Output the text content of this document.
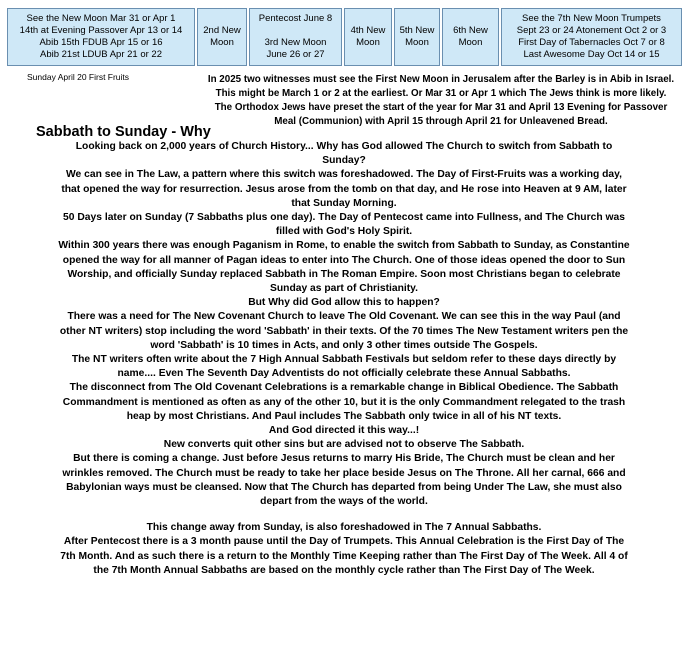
See the New Moon Mar 31 or Apr 1
14th at Evening Passover Apr 13 or 14
Abib 15th FDUB Apr 15 or 16
Abib 21st LDUB Apr 21 or 22
2nd New
Moon
Pentecost June 8
3rd New Moon
June 26 or 27
4th New
Moon
5th New
Moon
6th New
Moon
See the 7th New Moon Trumpets
Sept 23 or 24 Atonement Oct 2 or 3
First Day of Tabernacles Oct 7 or 8
Last Awesome Day Oct 14 or 15
Sunday April 20 First Fruits	In 2025 two witnesses must see the First New Moon in Jerusalem after the Barley is in Abib in Israel.
This might be March 1 or 2 at the earliest. Or Mar 31 or Apr 1 which The Jews think is more likely.
The Orthodox Jews have preset the start of the year for Mar 31 and April 13 Evening for Passover
Meal (Communion) with April 15 through April 21 for Unleavened Bread.
Sabbath to Sunday - Why
Looking back on 2,000 years of Church History... Why has God allowed The Church to switch from Sabbath to
Sunday?
We can see in The Law, a pattern where this switch was foreshadowed. The Day of First-Fruits was a working day,
that opened the way for resurrection. Jesus arose from the tomb on that day, and He rose into Heaven at 9 AM, later
that Sunday Morning.
50 Days later on Sunday (7 Sabbaths plus one day). The Day of Pentecost came into Fullness, and The Church was
filled with God's Holy Spirit.
Within 300 years there was enough Paganism in Rome, to enable the switch from Sabbath to Sunday, as Constantine
opened the way for all manner of Pagan ideas to enter into The Church. One of those ideas opened the door to Sun
Worship, and officially Sunday replaced Sabbath in The Roman Empire. Soon most Christians began to celebrate
Sunday as part of Christianity.
But Why did God allow this to happen?
There was a need for The New Covenant Church to leave The Old Covenant. We can see this in the way Paul (and
other NT writers) stop including the word 'Sabbath' in their texts. Of the 70 times The New Testament writers pen the
word 'Sabbath' is 10 times in Acts, and only 3 other times outside The Gospels.
The NT writers often write about the 7 High Annual Sabbath Festivals but seldom refer to these days directly by
name.... Even The Seventh Day Adventists do not officially celebrate these Annual Sabbaths.
The disconnect from The Old Covenant Celebrations is a remarkable change in Biblical Obedience. The Sabbath
Commandment is mentioned as often as any of the other 10, but it is the only Commandment relegated to the trash
heap by most Christians. And Paul includes The Sabbath only twice in all of his NT texts.
And God directed it this way...!
New converts quit other sins but are advised not to observe The Sabbath.
But there is coming a change. Just before Jesus returns to marry His Bride, The Church must be clean and her
wrinkles removed. The Church must be ready to take her place beside Jesus on The Throne. All her carnal, 666 and
Babylonian ways must be cleansed. Now that The Church has departed from being Under The Law, she must also
depart from the ways of the world.
This change away from Sunday, is also foreshadowed in The 7 Annual Sabbaths.
After Pentecost there is a 3 month pause until the Day of Trumpets. This Annual Celebration is the First Day of The
7th Month. And as such there is a return to the Monthly Time Keeping rather than The First Day of The Week. All 4 of
the 7th Month Annual Sabbaths are based on the monthly cycle rather than The First Day of The Week.
